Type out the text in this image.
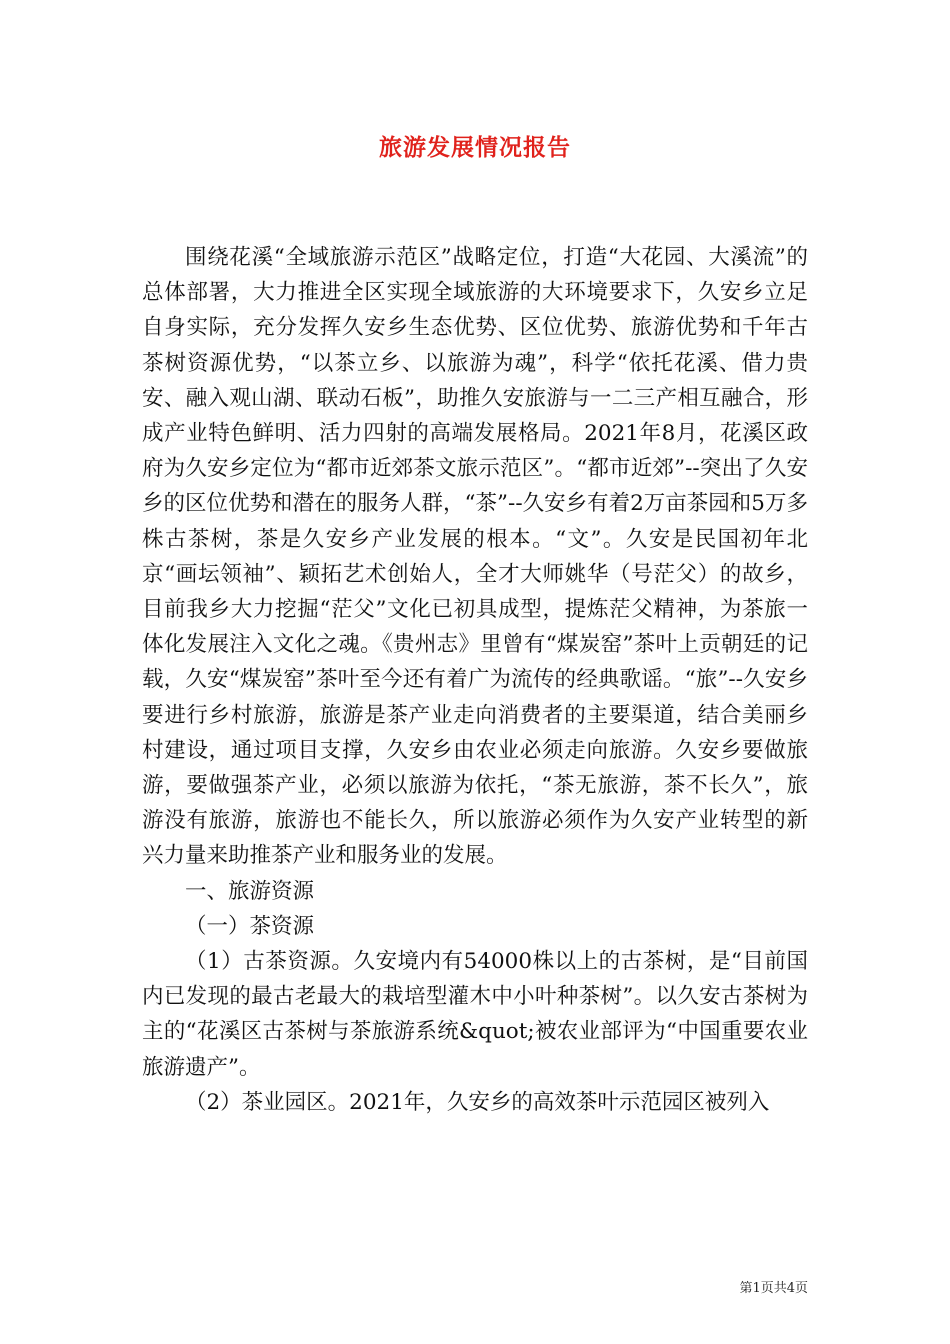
旅游发展情况报告

围绕花溪“全域旅游示范区”战略定位，打造“大花园、大溪流”的总体部署，大力推进全区实现全域旅游的大环境要求下，久安乡立足自身实际，充分发挥久安乡生态优势、区位优势、旅游优势和千年古茶树资源优势，“以茶立乡、以旅游为魂”，科学“依托花溪、借力贵安、融入观山湖、联动石板”，助推久安旅游与一二三产相互融合，形成产业特色鲜明、活力四射的高端发展格局。2021年8月，花溪区政府为久安乡定位为“都市近郊茶文旅示范区”。“都市近郊”--突出了久安乡的区位优势和潜在的服务人群，“茶”--久安乡有着2万亩茶园和5万多株古茶树，茶是久安乡产业发展的根本。“文”。久安是民国初年北京“画坛领袖”、颖拓艺术创始人，全才大师姚华（号茫父）的故乡，目前我乡大力挖掘“茫父”文化已初具成型，提炼茫父精神，为茶旅一体化发展注入文化之魂。《贵州志》里曾有“煤炭窑”茶叶上贡朝廷的记载，久安“煤炭窑”茶叶至今还有着广为流传的经典歌谣。“旅”--久安乡要进行乡村旅游，旅游是茶产业走向消费者的主要渠道，结合美丽乡村建设，通过项目支撑，久安乡由农业必须走向旅游。久安乡要做旅游，要做强茶产业，必须以旅游为依托，“茶无旅游，茶不长久”，旅游没有旅游，旅游也不能长久，所以旅游必须作为久安产业转型的新兴力量来助推茶产业和服务业的发展。

一、旅游资源

（一）茶资源

（1）古茶资源。久安境内有54000株以上的古茶树，是“目前国内已发现的最古老最大的栽培型灌木中小叶种茶树”。以久安古茶树为主的“花溪区古茶树与茶旅游系统&quot;被农业部评为“中国重要农业旅游遗产”。

（2）茶业园区。2021年，久安乡的高效茶叶示范园区被列入

第1页共4页
